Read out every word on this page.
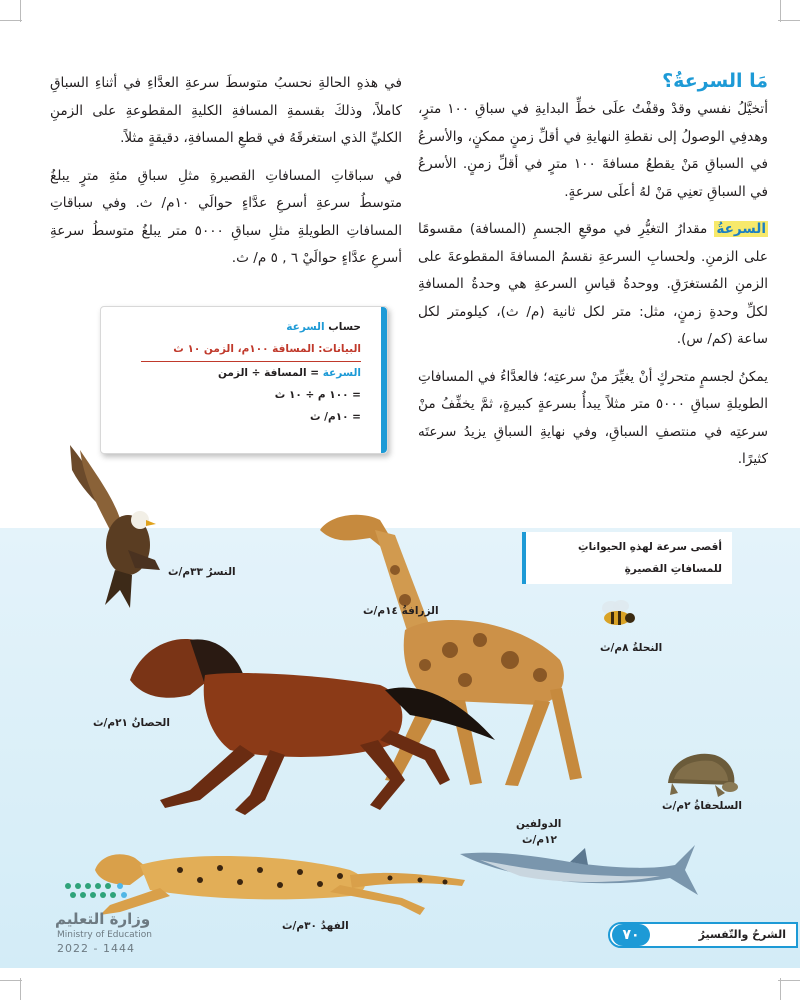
مَا السرعةُ؟

أتخيَّلُ نفسي وقدْ وقفْتُ علَى خطِّ البدايةِ في سباقِ ١٠٠ مترٍ، وهدفِي الوصولُ إلى نقطةِ النهايةِ في أقلِّ زمنٍ ممكنٍ، والأسرعُ في السباقِ مَنْ يقطعُ مسافةَ ١٠٠ مترٍ في أقلِّ زمنٍ. الأسرعُ في السباقِ تعنِي مَنْ لهُ أعلَى سرعةٍ.

السرعةُ مقدارُ التغيُّرِ في موقعِ الجسمِ (المسافة) مقسومًا على الزمنِ. ولحسابِ السرعةِ نقسمُ المسافةَ المقطوعةَ على الزمنِ المُستغرَقِ. ووحدةُ قياسِ السرعةِ هي وحدةُ المسافةِ لكلِّ وحدةِ زمنٍ، مثل: متر لكل ثانية (م/ ث)، كيلومتر لكل ساعة (كم/ س).

يمكنُ لجسمٍ متحركٍ أنْ يغيِّرَ منْ سرعتِه؛ فالعدَّاءُ في المسافاتِ الطويلةِ سباقِ ٥٠٠٠ متر مثلاً يبدأُ بسرعةٍ كبيرةٍ، ثمَّ يخفِّفُ منْ سرعتِه في منتصفِ السباقِ، وفي نهايةِ السباقِ يزيدُ سرعتَه كثيرًا.

في هذهِ الحالةِ نحسبُ متوسطَ سرعةِ العدَّاءِ في أثناءِ السباقِ كاملاً، وذلكَ بقسمةِ المسافةِ الكليةِ المقطوعةِ على الزمنِ الكليِّ الذي استغرقَهُ في قطعِ المسافةِ، دقيقةٍ مثلاً.

في سباقاتِ المسافاتِ القصيرةِ مثلِ سباقِ مئةِ مترٍ يبلغُ متوسطُ سرعةِ أسرعِ عدَّاءٍ حوالَي ١٠م/ ث. وفي سباقاتِ المسافاتِ الطويلةِ مثلِ سباقِ ٥٠٠٠ متر يبلغُ متوسطُ سرعةِ أسرعِ عدَّاءٍ حوالَيْ ٦ , ٥ م/ ث.

حساب السرعة
البيانات: المسافة ١٠٠م، الزمن ١٠ ث
السرعة = المسافة ÷ الزمن
= ١٠٠ م ÷ ١٠ ث
= ١٠م/ ث
النسرُ ٣٣م/ث
الزرافةُ ١٤م/ث
أقصى سرعة لهذهِ الحيواناتِ للمسافاتِ القصيرةِ
النحلةُ ٨م/ث
الحصانُ ٢١م/ث
السلحفاةُ ٢م/ث
الدولفين
١٢م/ث
الفهدُ ٣٠م/ث
وزارة التعليم
Ministry of Education
2022 - 1444
٧٠	الشرحُ والتّفسيرُ
